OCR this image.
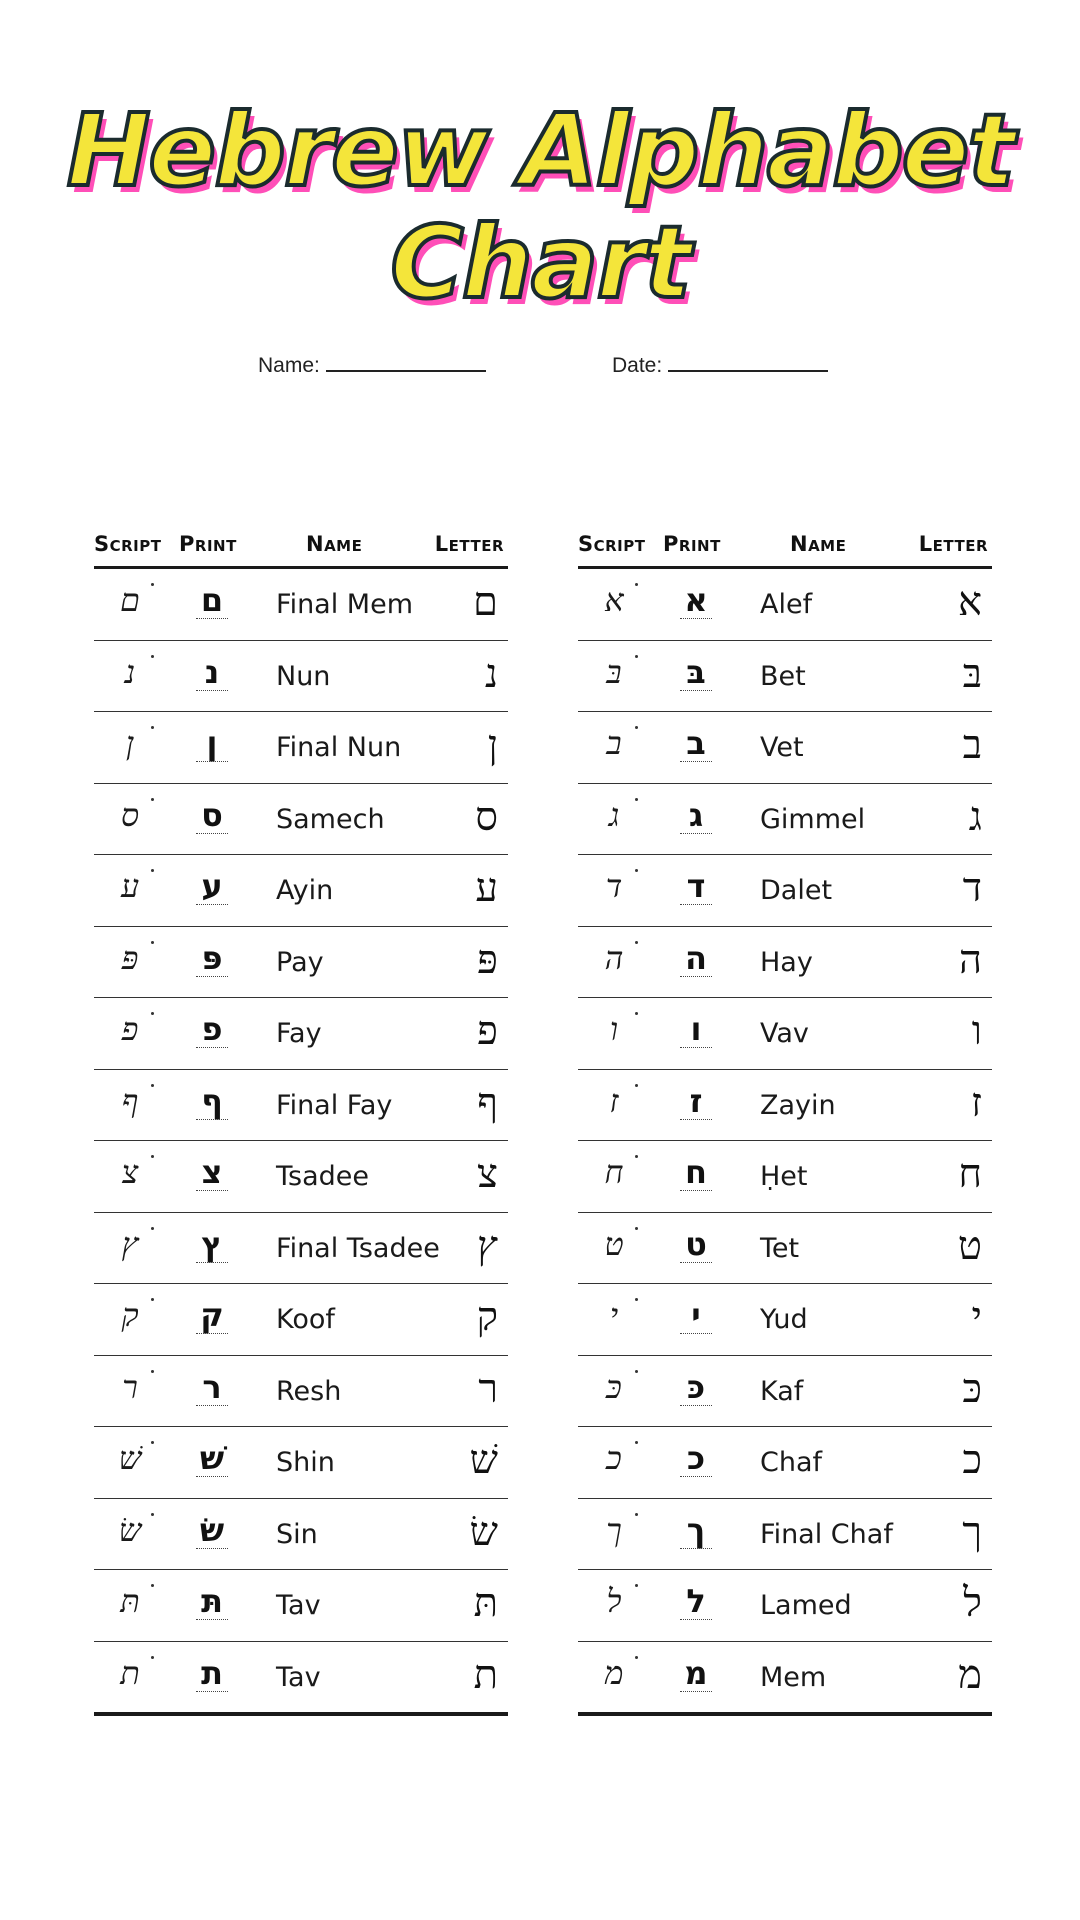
Hebrew Alphabet
Chart
Name:	Date:
Script Print	Name	Letter
ם	ם	Final Mem ם
נ	נ	Nun	נ
ן	ן	Final Nun ן
ס	ס	Samech ס
ע	ע	Ayin	ע
פּ	פּ	Pay	פּ
פ	פ	Fay	פ
ף	ף	Final Fay ף
צ	צ	Tsadee	צ
ץ	ץ	Final Tsadee ץ
ק	ק	Koof	ק
ר	ר	Resh	ר
שׁ	שׁ	Shin	שׁ
שׂ	שׂ	Sin	שׂ
תּ	תּ	Tav	תּ
ת	ת	Tav	ת
Script Print	Name	Letter
א	א	Alef	א
בּ	בּ	Bet	בּ
ב	ב	Vet	ב
ג	ג	Gimmel	ג
ד	ד	Dalet	ד
ה	ה	Hay	ה
ו	ו	Vav	ו
ז	ז	Zayin	ז
ח	ח	Ḥet	ח
ט	ט	Tet	ט
י	י	Yud	י
כּ	כּ	Kaf	כּ
כ	כ	Chaf	כ
ך	ך	Final Chaf ך
ל	ל	Lamed	ל
מ	מ	Mem	מ
